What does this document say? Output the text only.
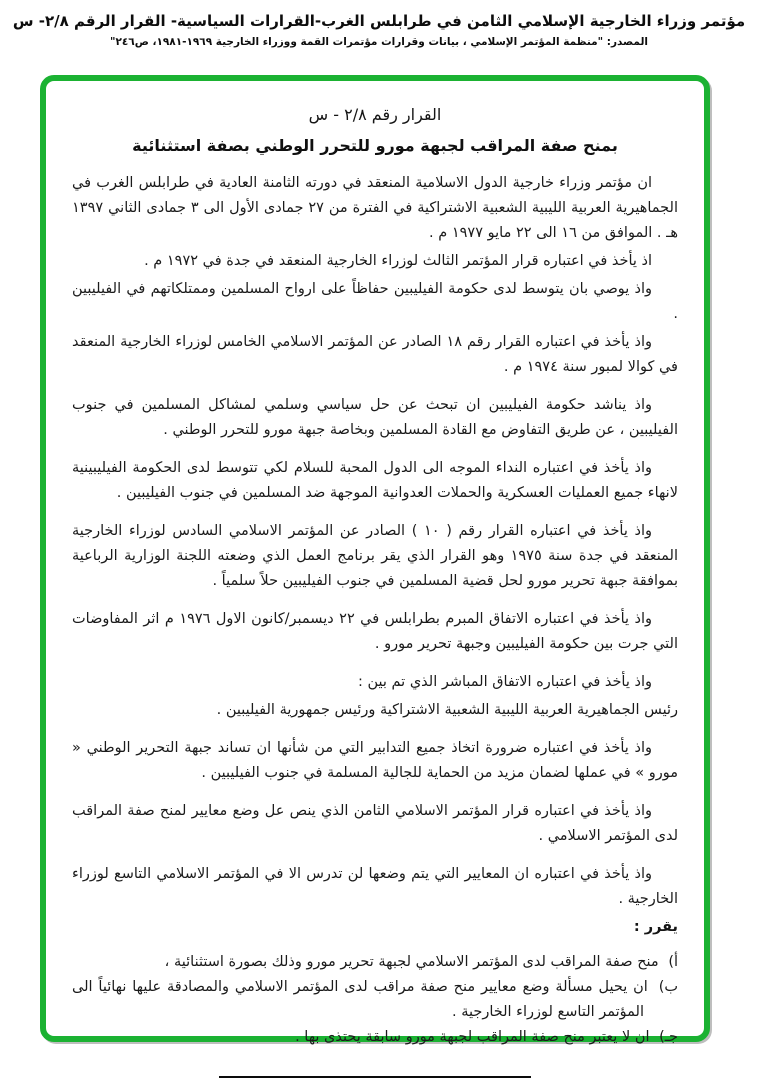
مؤتمر وزراء الخارجية الإسلامي الثامن في طرابلس الغرب-القرارات السياسية- القرار الرقم ٢/٨- س
المصدر: "منظمة المؤتمر الإسلامي ، بيانات وقرارات مؤتمرات القمة ووزراء الخارجية ١٩٦٩-١٩٨١، ص٢٤٦"
القرار رقم ٢/٨ - س
بمنح صفة المراقب لجبهة مورو للتحرر الوطني بصفة استثنائية

ان مؤتمر وزراء خارجية الدول الاسلامية المنعقد في دورته الثامنة العادية في طرابلس الغرب في الجماهيرية العربية الليبية الشعبية الاشتراكية في الفترة من ٢٧ جمادى الأول الى ٣ جمادى الثاني ١٣٩٧ هـ . الموافق من ١٦ الى ٢٢ مايو ١٩٧٧ م .

اذ يأخذ في اعتباره قرار المؤتمر الثالث لوزراء الخارجية المنعقد في جدة في ١٩٧٢ م .

واذ يوصي بان يتوسط لدى حكومة الفيليبين حفاظاً على ارواح المسلمين وممتلكاتهم في الفيليبين .

واذ يأخذ في اعتباره القرار رقم ١٨ الصادر عن المؤتمر الاسلامي الخامس لوزراء الخارجية المنعقد في كوالا لمبور سنة ١٩٧٤ م .

واذ يناشد حكومة الفيليبين ان تبحث عن حل سياسي وسلمي لمشاكل المسلمين في جنوب الفيليبين ، عن طريق التفاوض مع القادة المسلمين وبخاصة جبهة مورو للتحرر الوطني .

واذ يأخذ في اعتباره النداء الموجه الى الدول المحبة للسلام لكي تتوسط لدى الحكومة الفيليبينية لانهاء جميع العمليات العسكرية والحملات العدوانية الموجهة ضد المسلمين في جنوب الفيليبين .

واذ يأخذ في اعتباره القرار رقم ( ١٠ ) الصادر عن المؤتمر الاسلامي السادس لوزراء الخارجية المنعقد في جدة سنة ١٩٧٥ وهو القرار الذي يقر برنامج العمل الذي وضعته اللجنة الوزارية الرباعية بموافقة جبهة تحرير مورو لحل قضية المسلمين في جنوب الفيليبين حلاً سلمياً .

واذ يأخذ في اعتباره الاتفاق المبرم بطرابلس في ٢٢ ديسمبر/كانون الاول ١٩٧٦ م اثر المفاوضات التي جرت بين حكومة الفيليبين وجبهة تحرير مورو .

واذ يأخذ في اعتباره الاتفاق المباشر الذي تم بين :

رئيس الجماهيرية العربية الليبية الشعبية الاشتراكية ورئيس جمهورية الفيليبين .

واذ يأخذ في اعتباره ضرورة اتخاذ جميع التدابير التي من شأنها ان تساند جبهة التحرير الوطني « مورو » في عملها لضمان مزيد من الحماية للجالية المسلمة في جنوب الفيليبين .

واذ يأخذ في اعتباره قرار المؤتمر الاسلامي الثامن الذي ينص عل وضع معايير لمنح صفة المراقب لدى المؤتمر الاسلامي .

واذ يأخذ في اعتباره ان المعايير التي يتم وضعها لن تدرس الا في المؤتمر الاسلامي التاسع لوزراء الخارجية .

يقرر :

أ) منح صفة المراقب لدى المؤتمر الاسلامي لجبهة تحرير مورو وذلك بصورة استثنائية ،

ب) ان يحيل مسألة وضع معايير منح صفة مراقب لدى المؤتمر الاسلامي والمصادقة عليها نهائياً الى المؤتمر التاسع لوزراء الخارجية .

جـ) ان لا يعتبر منح صفة المراقب لجبهة مورو سابقة يحتذى بها .
